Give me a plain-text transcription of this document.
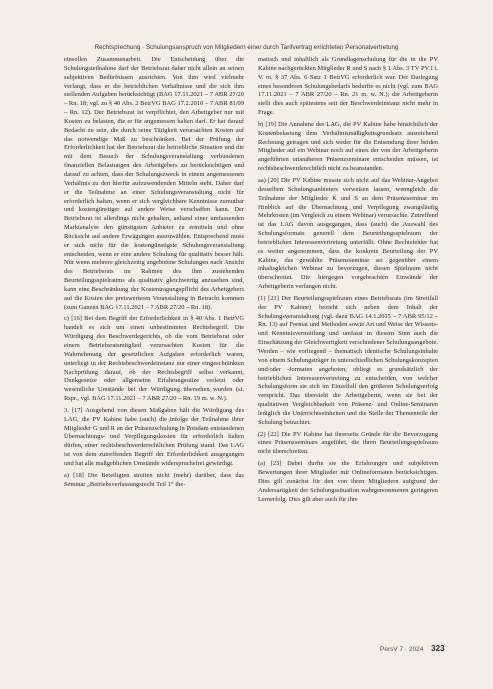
Rechtsprechung · Schulungsanspruch von Mitgliedern einer durch Tarifvertrag errichteten Personalvertretung

einsollen Zusammenarbeit. Die Entscheidung über die Schulungsteilnahme darf der Betriebsrat daher nicht allein an seinen subjektiven Bedürfnissen ausrichten. Von ihm wird vielmehr verlangt, dass er die betrieblichen Verhältnisse und die sich ihm stellenden Aufgaben berücksichtigt (BAG 17.11.2021 – 7 ABR 27/20 – Rn. 18; vgl. zu § 40 Abs. 2 BetrVG BAG 17.2.2010 – 7 ABR 81/09 – Rn. 12). Der Betriebsrat ist verpflichtet, den Arbeitgeber nur mit Kosten zu belasten, die er für angemessen halten darf. Er hat darauf Bedacht zu sein, die durch seine Tätigkeit verursachten Kosten auf das notwendige Maß zu beschränken. Bei der Prüfung der Erforderlichkeit hat der Betriebsrat die betriebliche Situation und die mit dem Besuch der Schulungsveranstaltung verbundenen finanziellen Belastungen des Arbeitgebers zu berücksichtigen und darauf zu achten, dass der Schulungszweck in einem angemessenen Verhältnis zu den hierfür aufzuwendenden Mitteln steht. Daher darf er die Teilnahme an einer Schulungsveranstaltung nicht für erforderlich halten, wenn er sich vergleichbare Kenntnisse zumutbar und kostengünstiger auf andere Weise verschaffen kann. Der Betriebsrat ist allerdings nicht gehalten, anhand einer umfassenden Marktanalyse den günstigsten Anbieter zu ermitteln und ohne Rücksicht auf andere Erwägungen auszuwählen. Entsprechend muss er sich nicht für die kostengünstigste Schulungsveranstaltung entscheiden, wenn er eine andere Schulung für qualitativ besser hält. Nur wenn mehrere gleichzeitig angebotene Schulungen nach Ansicht des Betriebsrats im Rahmen des ihm zustehenden Beurteilungsspielraums als qualitativ gleichwertig anzusehen sind, kann eine Beschränkung der Kostentragungspflicht des Arbeitgebers auf die Kosten der preiswerteren Veranstaltung in Betracht kommen (zum Ganzen BAG 17.11.2021 – 7 ABR 27/20 – Rn. 18).

c) [16] Bei dem Begriff der Erforderlichkeit in § 40 Abs. 1 BetrVG handelt es sich um einen unbestimmten Rechtsbegriff. Die Würdigung des Beschwerdegerichts, ob die vom Betriebsrat oder einem Betriebsratsmitglied verursachten Kosten für die Wahrnehmung der gesetzlichen Aufgaben erforderlich waren, unterliegt in der Rechtsbeschwerdeinstanz nur einer eingeschränkten Nachprüfung darauf, ob der Rechtsbegriff selbst verkannt, Denkgesetze oder allgemeine Erfahrungssätze verletzt oder wesentliche Umstände bei der Würdigung übersehen wurden (st. Rspr., vgl. BAG 17.11.2021 – 7 ABR 27/20 – Rn. 19 m. w. N.).

3. [17] Ausgehend von diesen Maßgaben hält die Würdigung des LAG, die PV Kabine habe (auch) die infolge der Teilnahme ihrer Mitglieder G und R an der Präsenzschulung in Potsdam entstandenen Übernachtungs- und Verpflegungskosten für erforderlich halten dürfen, einer rechtsbeschwerderechtlichen Prüfung stand. Das LAG ist von dem zutreffenden Begriff der Erforderlichkeit ausgegangen und hat alle maßgeblichen Umstände widerspruchsfrei gewürdigt.

a) [18] Die Beteiligten streiten nicht (mehr) darüber, dass das Seminar „Betriebsverfassungsrecht Teil 1“ the-

matisch und inhaltlich als Grundlagenschulung für die in die PV Kabine nachgerückten Mitglieder R und S nach § 1 Abs. 3 TV PV I i. V. m. § 37 Abs. 6 Satz 1 BetrVG erforderlich war. Der Darlegung eines besonderen Schulungsbedarfs bedurfte es nicht (vgl. zum BAG 17.11.2021 – 7 ABR 27/20 – Rn. 21 m. w. N.); die Arbeitgeberin stellt dies auch spätestens seit der Beschwerdeinstanz nicht mehr in Frage.

b) [19] Die Annahme des LAG, die PV Kabine habe hinsichtlich der Kostenbelastung dem Verhältnismäßigkeitsgrundsatz ausreichend Rechnung getragen und sich weder für die Entsendung ihrer beiden Mitglieder auf ein Webinar noch auf eines der von der Arbeitgeberin angeführten ortsnäheren Präsenzseminare entscheiden müssen, ist rechtsbeschwerderechtlich nicht zu beanstanden.

aa) [20] Die PV Kabine musste sich nicht auf das Webinar-Angebot desselben Schulungsanbieters verweisen lassen, wenngleich die Teilnahme der Mitglieder K und S an dem Präsenzseminar im Hinblick auf die Übernachtung und Verpflegung zwangsläufig Mehrkosten (im Vergleich zu einem Webinar) verursachte. Zutreffend ist das LAG davon ausgegangen, dass (auch) die Auswahl des Schulungsformats generell dem Beurteilungsspielraum der betrieblichen Interessenvertretung unterfällt. Ohne Rechtsfehler hat es weiter angenommen, dass die konkrete Beurteilung der PV Kabine, das gewählte Präsenzseminar sei gegenüber einem inhaltsgleichen Webinar zu bevorzugen, diesen Spielraum nicht überschreitet. Die hiergegen vorgebrachten Einwände der Arbeitgeberin verfangen nicht.

(1) [21] Der Beurteilungsspielraum eines Betriebsrats (im Streitfall der PV Kabine) bezieht sich neben dem Inhalt der Schulungsveranstaltung (vgl. dazu BAG 14.1.2015 – 7 ABR 95/12 – Rn. 13) auf Format und Methoden sowie Art und Weise der Wissens- und Kenntnisvermittlung und umfasst in diesem Sinn auch die Einschätzung der Gleichwertigkeit verschiedener Schulungsangebote. Werden – wie vorliegend – thematisch identische Schulungsinhalte von einem Schulungsträger in unterschiedlichen Schulungskonzepten und/oder -formaten angeboten, obliegt es grundsätzlich der betrieblichen Interessenvertretung zu entscheiden, von welcher Schulungsform sie sich im Einzelfall den größeren Schulungserfolg verspricht. Das übersieht die Arbeitgeberin, wenn sie bei der qualitativen Vergleichbarkeit von Präsenz- und Online-Seminaren lediglich die Unterrichtseinheiten und die Stelle der Thementeile der Schulung betrachtet.

(2) [22] Die PV Kabine hat ihrerseits Gründe für die Bevorzugung eines Präsenzseminars angeführt, die ihren Beurteilungsspielraum nicht überschreiten.

(a) [23] Dabei durfte sie die Erfahrungen und subjektiven Bewertungen ihrer Mitglieder mit Onlineformaten berücksichtigen. Dies gilt zunächst für den von ihren Mitgliedern aufgrund der Andersartigkeit der Schulungssituation wahrgenommenen geringeren Lernerfolg. Dies gilt aber auch für ihre

PersV 7 · 2024 323
